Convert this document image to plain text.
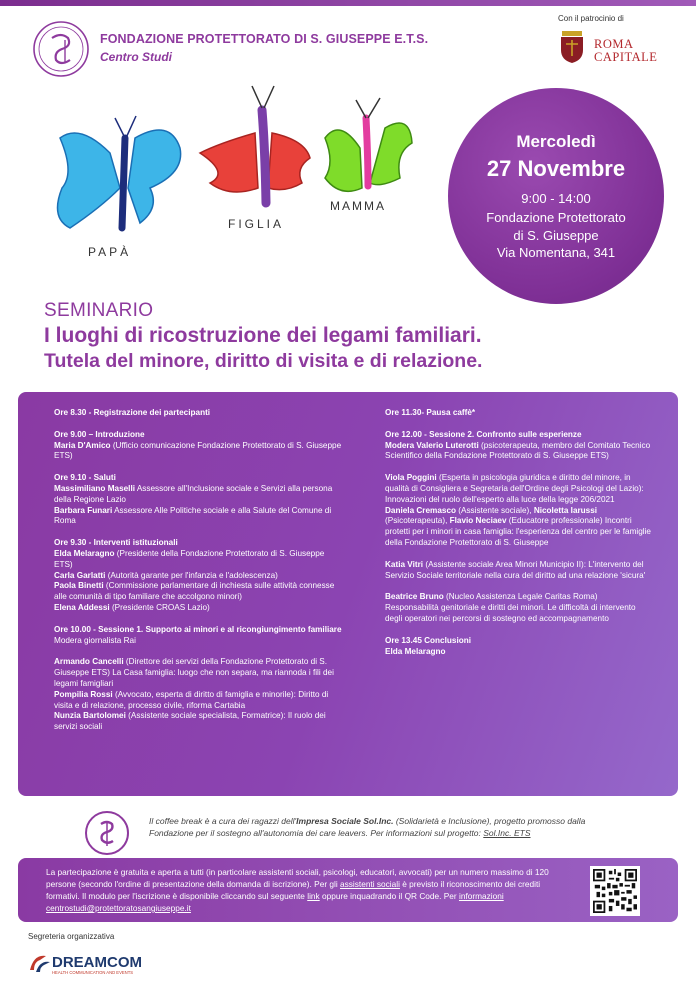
FONDAZIONE PROTETTORATO DI S. GIUSEPPE E.T.S.
Centro Studi
Con il patrocinio di
ROMA
CAPITALE
PAPÀ
FIGLIA
MAMMA
Mercoledì
27 Novembre
9:00 - 14:00
Fondazione Protettorato
di S. Giuseppe
Via Nomentana, 341
SEMINARIO
I luoghi di ricostruzione dei legami familiari.
Tutela del minore, diritto di visita e di relazione.
Ore 8.30 - Registrazione dei partecipanti
Ore 9.00 – Introduzione
Maria D'Amico (Ufficio comunicazione Fondazione Protettorato di S. Giuseppe ETS)
Ore 9.10 - Saluti
Massimiliano Maselli Assessore all'Inclusione sociale e Servizi alla persona della Regione Lazio
Barbara Funari Assessore Alle Politiche sociale e alla Salute del Comune di Roma
Ore 9.30 - Interventi istituzionali
Elda Melaragno (Presidente della Fondazione Protettorato di S. Giuseppe ETS)
Carla Garlatti (Autorità garante per l'infanzia e l'adolescenza)
Paola Binetti (Commissione parlamentare di inchiesta sulle attività connesse alle comunità di tipo familiare che accolgono minori)
Elena Addessi (Presidente CROAS Lazio)
Ore 10.00 - Sessione 1. Supporto ai minori e al ricongiungimento familiare
Modera giornalista Rai
Armando Cancelli (Direttore dei servizi della Fondazione Protettorato di S. Giuseppe ETS) La Casa famiglia: luogo che non separa, ma riannoda i fili dei legami famigliari
Pompilia Rossi (Avvocato, esperta di diritto di famiglia e minorile): Diritto di visita e di relazione, processo civile, riforma Cartabia
Nunzia Bartolomei (Assistente sociale specialista, Formatrice): Il ruolo dei servizi sociali
Ore 11.30- Pausa caffè*
Ore 12.00 - Sessione 2. Confronto sulle esperienze
Modera Valerio Luterotti (psicoterapeuta, membro del Comitato Tecnico Scientifico della Fondazione Protettorato di S. Giuseppe ETS)
Viola Poggini (Esperta in psicologia giuridica e diritto del minore, in qualità di Consigliera e Segretaria dell'Ordine degli Psicologi del Lazio): Innovazioni del ruolo dell'esperto alla luce della legge 206/2021
Daniela Cremasco (Assistente sociale), Nicoletta Iarussi (Psicoterapeuta), Flavio Neciaev (Educatore professionale) Incontri protetti per i minori in casa famiglia: l'esperienza del centro per le famiglie della Fondazione Protettorato di S. Giuseppe
Katia Vitri (Assistente sociale Area Minori Municipio II): L'intervento del Servizio Sociale territoriale nella cura del diritto ad una relazione 'sicura'
Beatrice Bruno (Nucleo Assistenza Legale Caritas Roma) Responsabilità genitoriale e diritti dei minori. Le difficoltà di intervento degli operatori nei percorsi di sostegno ed accompagnamento
Ore 13.45 Conclusioni
Elda Melaragno
Il coffee break è a cura dei ragazzi dell'Impresa Sociale Sol.Inc. (Solidarietà e Inclusione), progetto promosso dalla Fondazione per il sostegno all'autonomia dei care leavers. Per informazioni sul progetto: Sol.Inc. ETS
La partecipazione è gratuita e aperta a tutti (in particolare assistenti sociali, psicologi, educatori, avvocati) per un numero massimo di 120 persone (secondo l'ordine di presentazione della domanda di iscrizione). Per gli assistenti sociali è previsto il riconoscimento dei crediti formativi. Il modulo per l'iscrizione è disponibile cliccando sul seguente link oppure inquadrando il QR Code. Per informazioni centrostudi@protettoratosangiuseppe.it
Segreteria organizzativa
DREAMCOM
HEALTH COMMUNICATION AND EVENTS
